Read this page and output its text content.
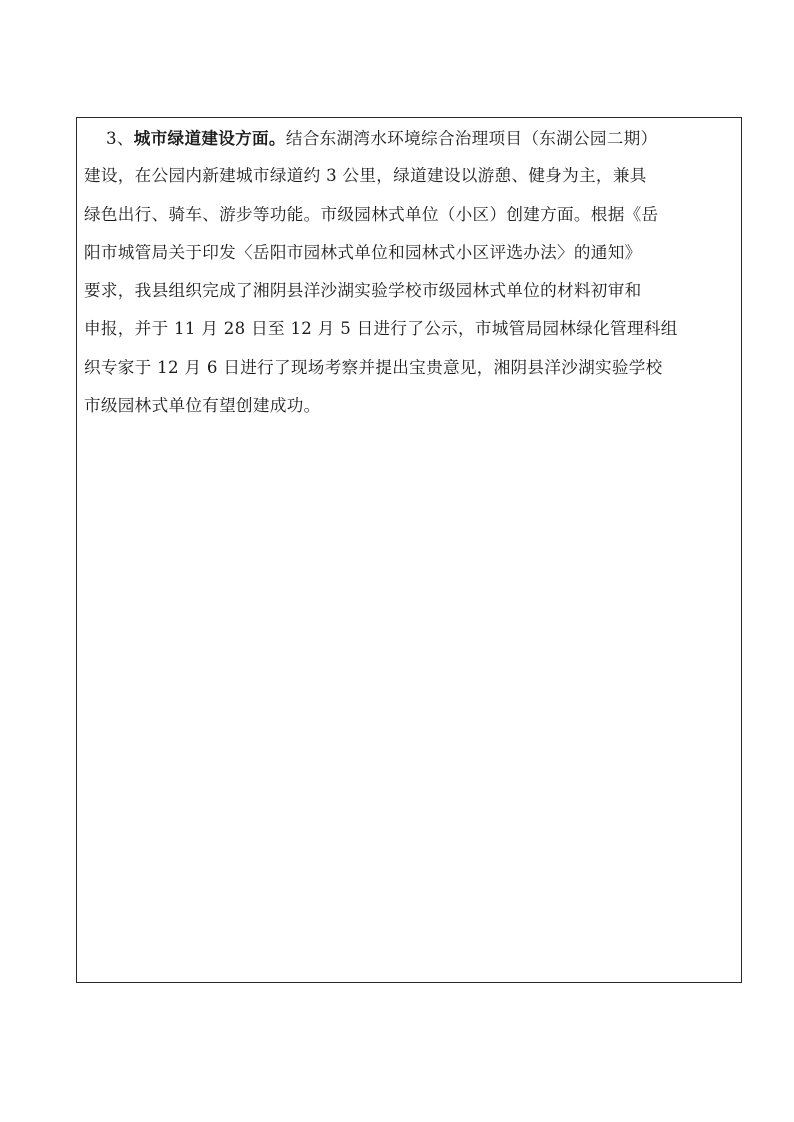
3、城市绿道建设方面。结合东湖湾水环境综合治理项目（东湖公园二期）
建设，在公园内新建城市绿道约 3 公里，绿道建设以游憩、健身为主，兼具
绿色出行、骑车、游步等功能。市级园林式单位（小区）创建方面。根据《岳
阳市城管局关于印发〈岳阳市园林式单位和园林式小区评选办法〉的通知》
要求，我县组织完成了湘阴县洋沙湖实验学校市级园林式单位的材料初审和
申报，并于 11 月 28 日至 12 月 5 日进行了公示，市城管局园林绿化管理科组
织专家于 12 月 6 日进行了现场考察并提出宝贵意见，湘阴县洋沙湖实验学校
市级园林式单位有望创建成功。
